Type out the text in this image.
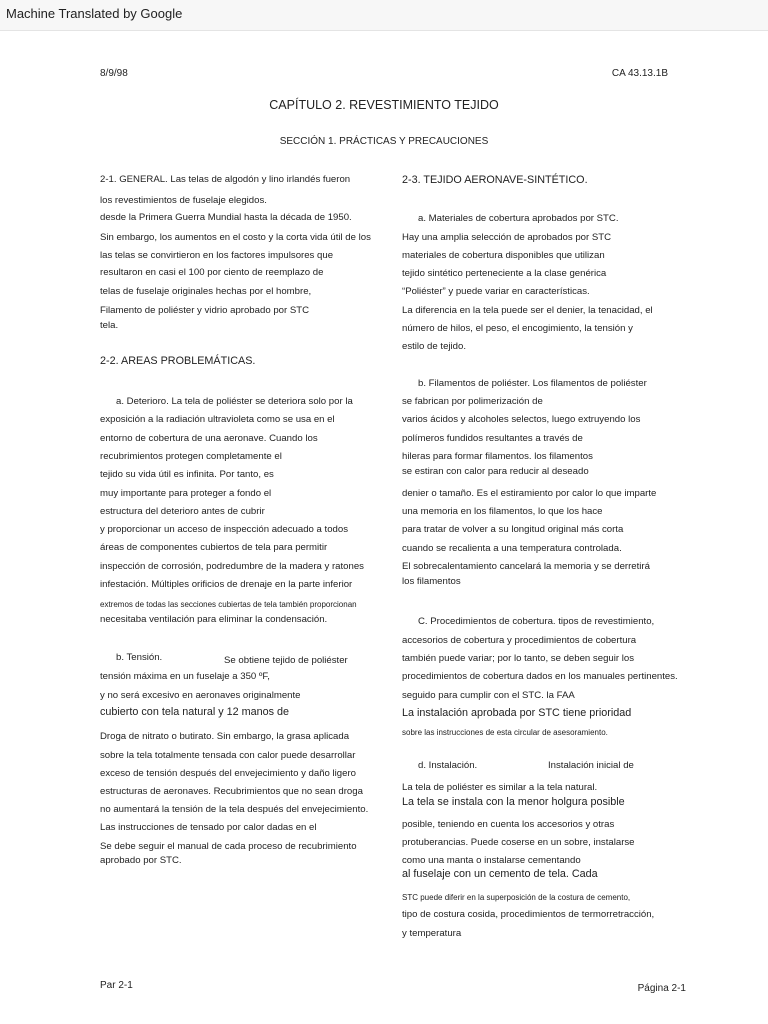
Machine Translated by Google
8/9/98	CA 43.13.1B
CAPÍTULO 2. REVESTIMIENTO TEJIDO
SECCIÓN 1. PRÁCTICAS Y PRECAUCIONES
2-1. GENERAL. Las telas de algodón y lino irlandés fueron
los revestimientos de fuselaje elegidos.
desde la Primera Guerra Mundial hasta la década de 1950.
Sin embargo, los aumentos en el costo y la corta vida útil de los
las telas se convirtieron en los factores impulsores que
resultaron en casi el 100 por ciento de reemplazo de
telas de fuselaje originales hechas por el hombre,
Filamento de poliéster y vidrio aprobado por STC
tela.
2-2. AREAS PROBLEMÁTICAS.
a. Deterioro. La tela de poliéster se deteriora solo por la
exposición a la radiación ultravioleta como se usa en el
entorno de cobertura de una aeronave. Cuando los
recubrimientos protegen completamente el
tejido su vida útil es infinita. Por tanto, es
muy importante para proteger a fondo el
estructura del deterioro antes de cubrir
y proporcionar un acceso de inspección adecuado a todos
áreas de componentes cubiertos de tela para permitir
inspección de corrosión, podredumbre de la madera y ratones
infestación. Múltiples orificios de drenaje en la parte inferior
extremos de todas las secciones cubiertas de tela también proporcionan
necesitaba ventilación para eliminar la condensación.
b. Tensión.	Se obtiene tejido de poliéster
tensión máxima en un fuselaje a 350 ºF,
y no será excesivo en aeronaves originalmente
cubierto con tela natural y 12 manos de
Droga de nitrato o butirato. Sin embargo, la grasa aplicada
sobre la tela totalmente tensada con calor puede desarrollar
exceso de tensión después del envejecimiento y daño ligero
estructuras de aeronaves. Recubrimientos que no sean droga
no aumentará la tensión de la tela después del envejecimiento.
Las instrucciones de tensado por calor dadas en el
Se debe seguir el manual de cada proceso de recubrimiento
aprobado por STC.
2-3. TEJIDO AERONAVE-SINTÉTICO.
a. Materiales de cobertura aprobados por STC.
Hay una amplia selección de aprobados por STC
materiales de cobertura disponibles que utilizan
tejido sintético perteneciente a la clase genérica
“Poliéster” y puede variar en características.
La diferencia en la tela puede ser el denier, la tenacidad, el
número de hilos, el peso, el encogimiento, la tensión y
estilo de tejido.
b. Filamentos de poliéster. Los filamentos de poliéster
se fabrican por polimerización de
varios ácidos y alcoholes selectos, luego extruyendo los
polímeros fundidos resultantes a través de
hileras para formar filamentos. los filamentos
se estiran con calor para reducir al deseado
denier o tamaño. Es el estiramiento por calor lo que imparte
una memoria en los filamentos, lo que los hace
para tratar de volver a su longitud original más corta
cuando se recalienta a una temperatura controlada.
El sobrecalentamiento cancelará la memoria y se derretirá
los filamentos
C. Procedimientos de cobertura. tipos de revestimiento,
accesorios de cobertura y procedimientos de cobertura
también puede variar; por lo tanto, se deben seguir los
procedimientos de cobertura dados en los manuales pertinentes.
seguido para cumplir con el STC. la FAA
La instalación aprobada por STC tiene prioridad
sobre las instrucciones de esta circular de asesoramiento.
d. Instalación.	Instalación inicial de
La tela de poliéster es similar a la tela natural.
La tela se instala con la menor holgura posible
posible, teniendo en cuenta los accesorios y otras
protuberancias. Puede coserse en un sobre, instalarse
como una manta o instalarse cementando
al fuselaje con un cemento de tela. Cada
STC puede diferir en la superposición de la costura de cemento,
tipo de costura cosida, procedimientos de termorretracción,
y temperatura
Par 2-1	Página 2-1
